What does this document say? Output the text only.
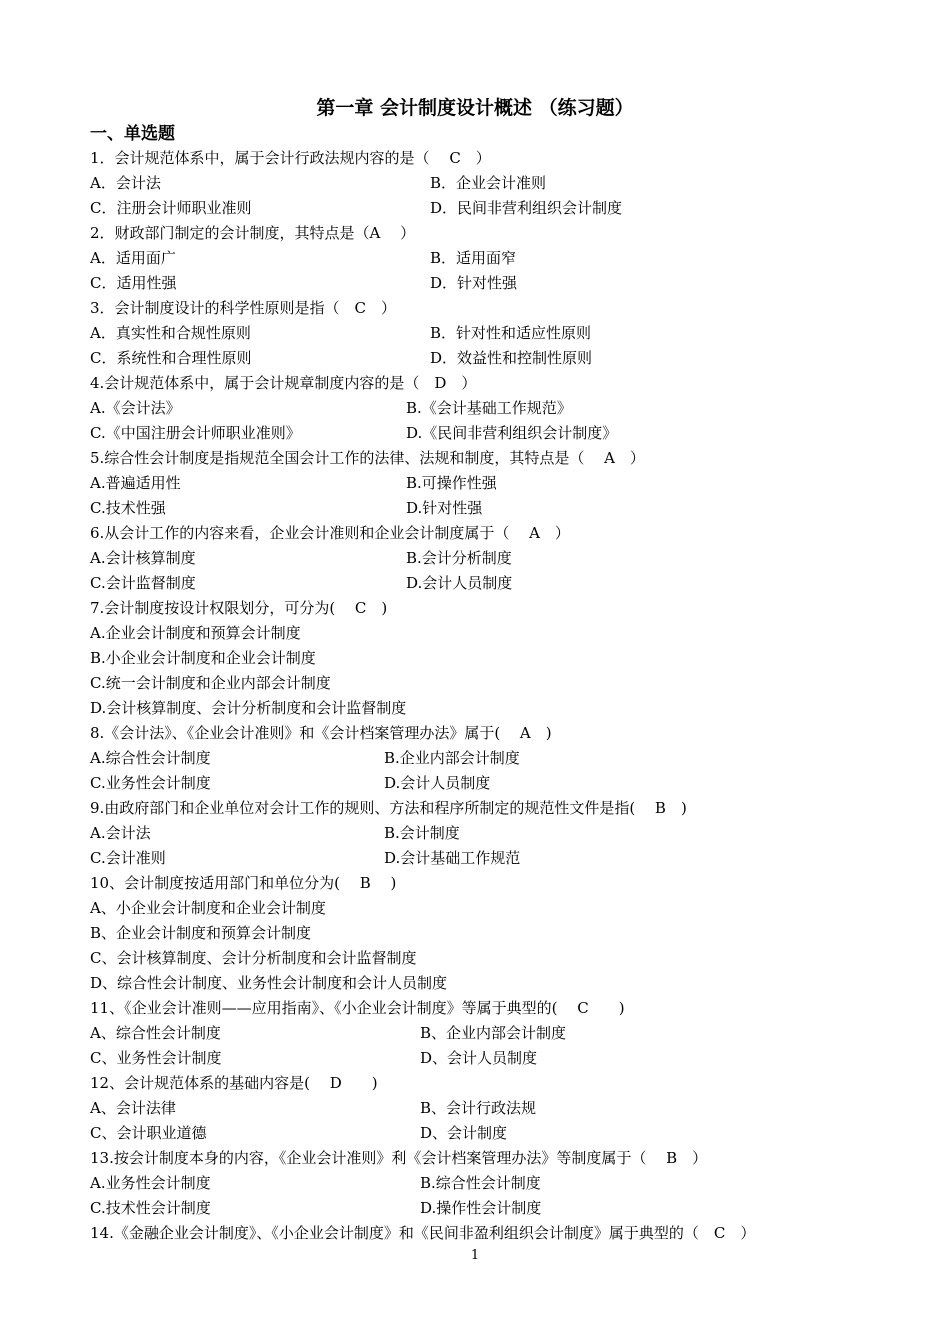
第一章 会计制度设计概述 （练习题）
一、单选题
1．会计规范体系中，属于会计行政法规内容的是（　 C　）
A．会计法	B．企业会计准则
C．注册会计师职业准则	D．民间非营利组织会计制度
2．财政部门制定的会计制度，其特点是（A　 ）
A．适用面广	B．适用面窄
C．适用性强	D．针对性强
3．会计制度设计的科学性原则是指（　C　）
A．真实性和合规性原则	B．针对性和适应性原则
C．系统性和合理性原则	D．效益性和控制性原则
4.会计规范体系中，属于会计规章制度内容的是（　D　）
A.《会计法》	B.《会计基础工作规范》
C.《中国注册会计师职业准则》	D.《民间非营利组织会计制度》
5.综合性会计制度是指规范全国会计工作的法律、法规和制度，其特点是（　 A　）
A.普遍适用性	B.可操作性强
C.技术性强	D.针对性强
6.从会计工作的内容来看，企业会计准则和企业会计制度属于（　 A　）
A.会计核算制度	B.会计分析制度
C.会计监督制度	D.会计人员制度
7.会计制度按设计权限划分，可分为( 　C　)
A.企业会计制度和预算会计制度
B.小企业会计制度和企业会计制度
C.统一会计制度和企业内部会计制度
D.会计核算制度、会计分析制度和会计监督制度
8.《会计法》、《企业会计准则》和《会计档案管理办法》属于( 　A　)
A.综合性会计制度	B.企业内部会计制度
C.业务性会计制度	D.会计人员制度
9.由政府部门和企业单位对会计工作的规则、方法和程序所制定的规范性文件是指( 　B　)
A.会计法	B.会计制度
C.会计准则	D.会计基础工作规范
10、会计制度按适用部门和单位分为(　 B 　)
A、小企业会计制度和企业会计制度
B、企业会计制度和预算会计制度
C、会计核算制度、会计分析制度和会计监督制度
D、综合性会计制度、业务性会计制度和会计人员制度
11、《企业会计准则——应用指南》、《小企业会计制度》等属于典型的(　 C　　)
A、综合性会计制度	B、企业内部会计制度
C、业务性会计制度	D、会计人员制度
12、会计规范体系的基础内容是(　 D　　)
A、会计法律	B、会计行政法规
C、会计职业道德	D、会计制度
13.按会计制度本身的内容，《企业会计准则》利《会计档案管理办法》等制度属于（　 B　）
A.业务性会计制度	B.综合性会计制度
C.技术性会计制度	D.操作性会计制度
14.《金融企业会计制度》、《小企业会计制度》和《民间非盈利组织会计制度》属于典型的（　C　）
1
